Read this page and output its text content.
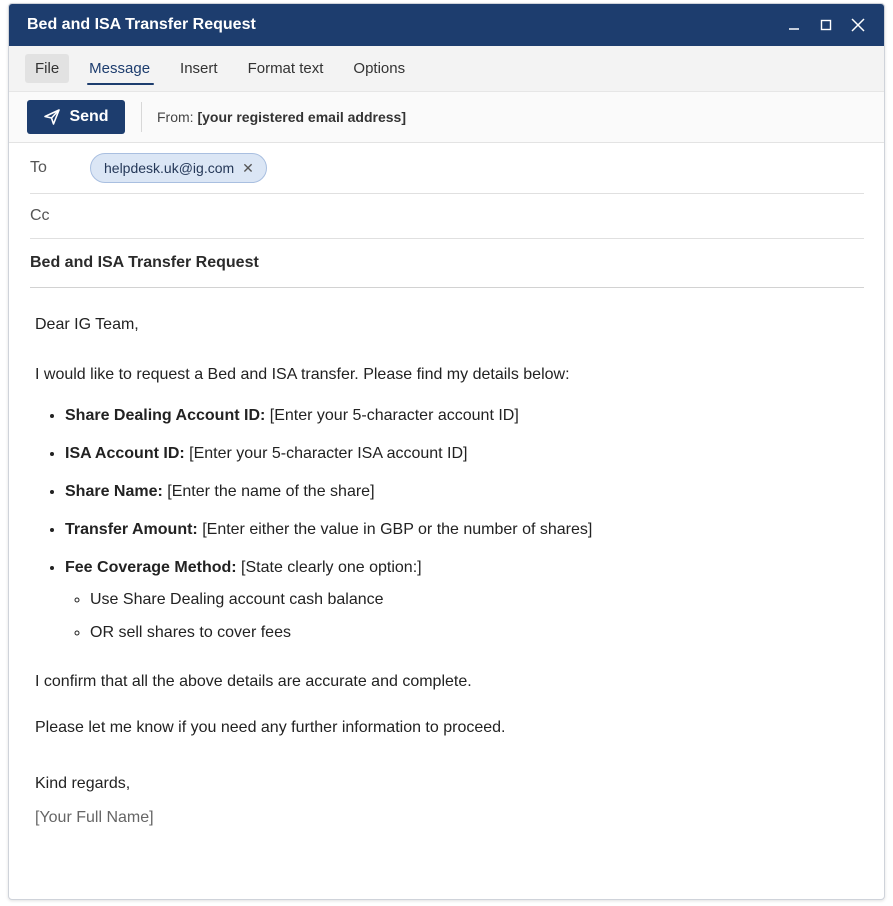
Bed and ISA Transfer Request
File	Message	Insert	Format text	Options
Send	From: [your registered email address]
To	helpdesk.uk@ig.com ✕
Cc
Bed and ISA Transfer Request

Dear IG Team,

I would like to request a Bed and ISA transfer. Please find my details below:

• Share Dealing Account ID: [Enter your 5-character account ID]
• ISA Account ID: [Enter your 5-character ISA account ID]
• Share Name: [Enter the name of the share]
• Transfer Amount: [Enter either the value in GBP or the number of shares]
• Fee Coverage Method: [State clearly one option:]
◦ Use Share Dealing account cash balance
◦ OR sell shares to cover fees

I confirm that all the above details are accurate and complete.

Please let me know if you need any further information to proceed.

Kind regards,

[Your Full Name]
